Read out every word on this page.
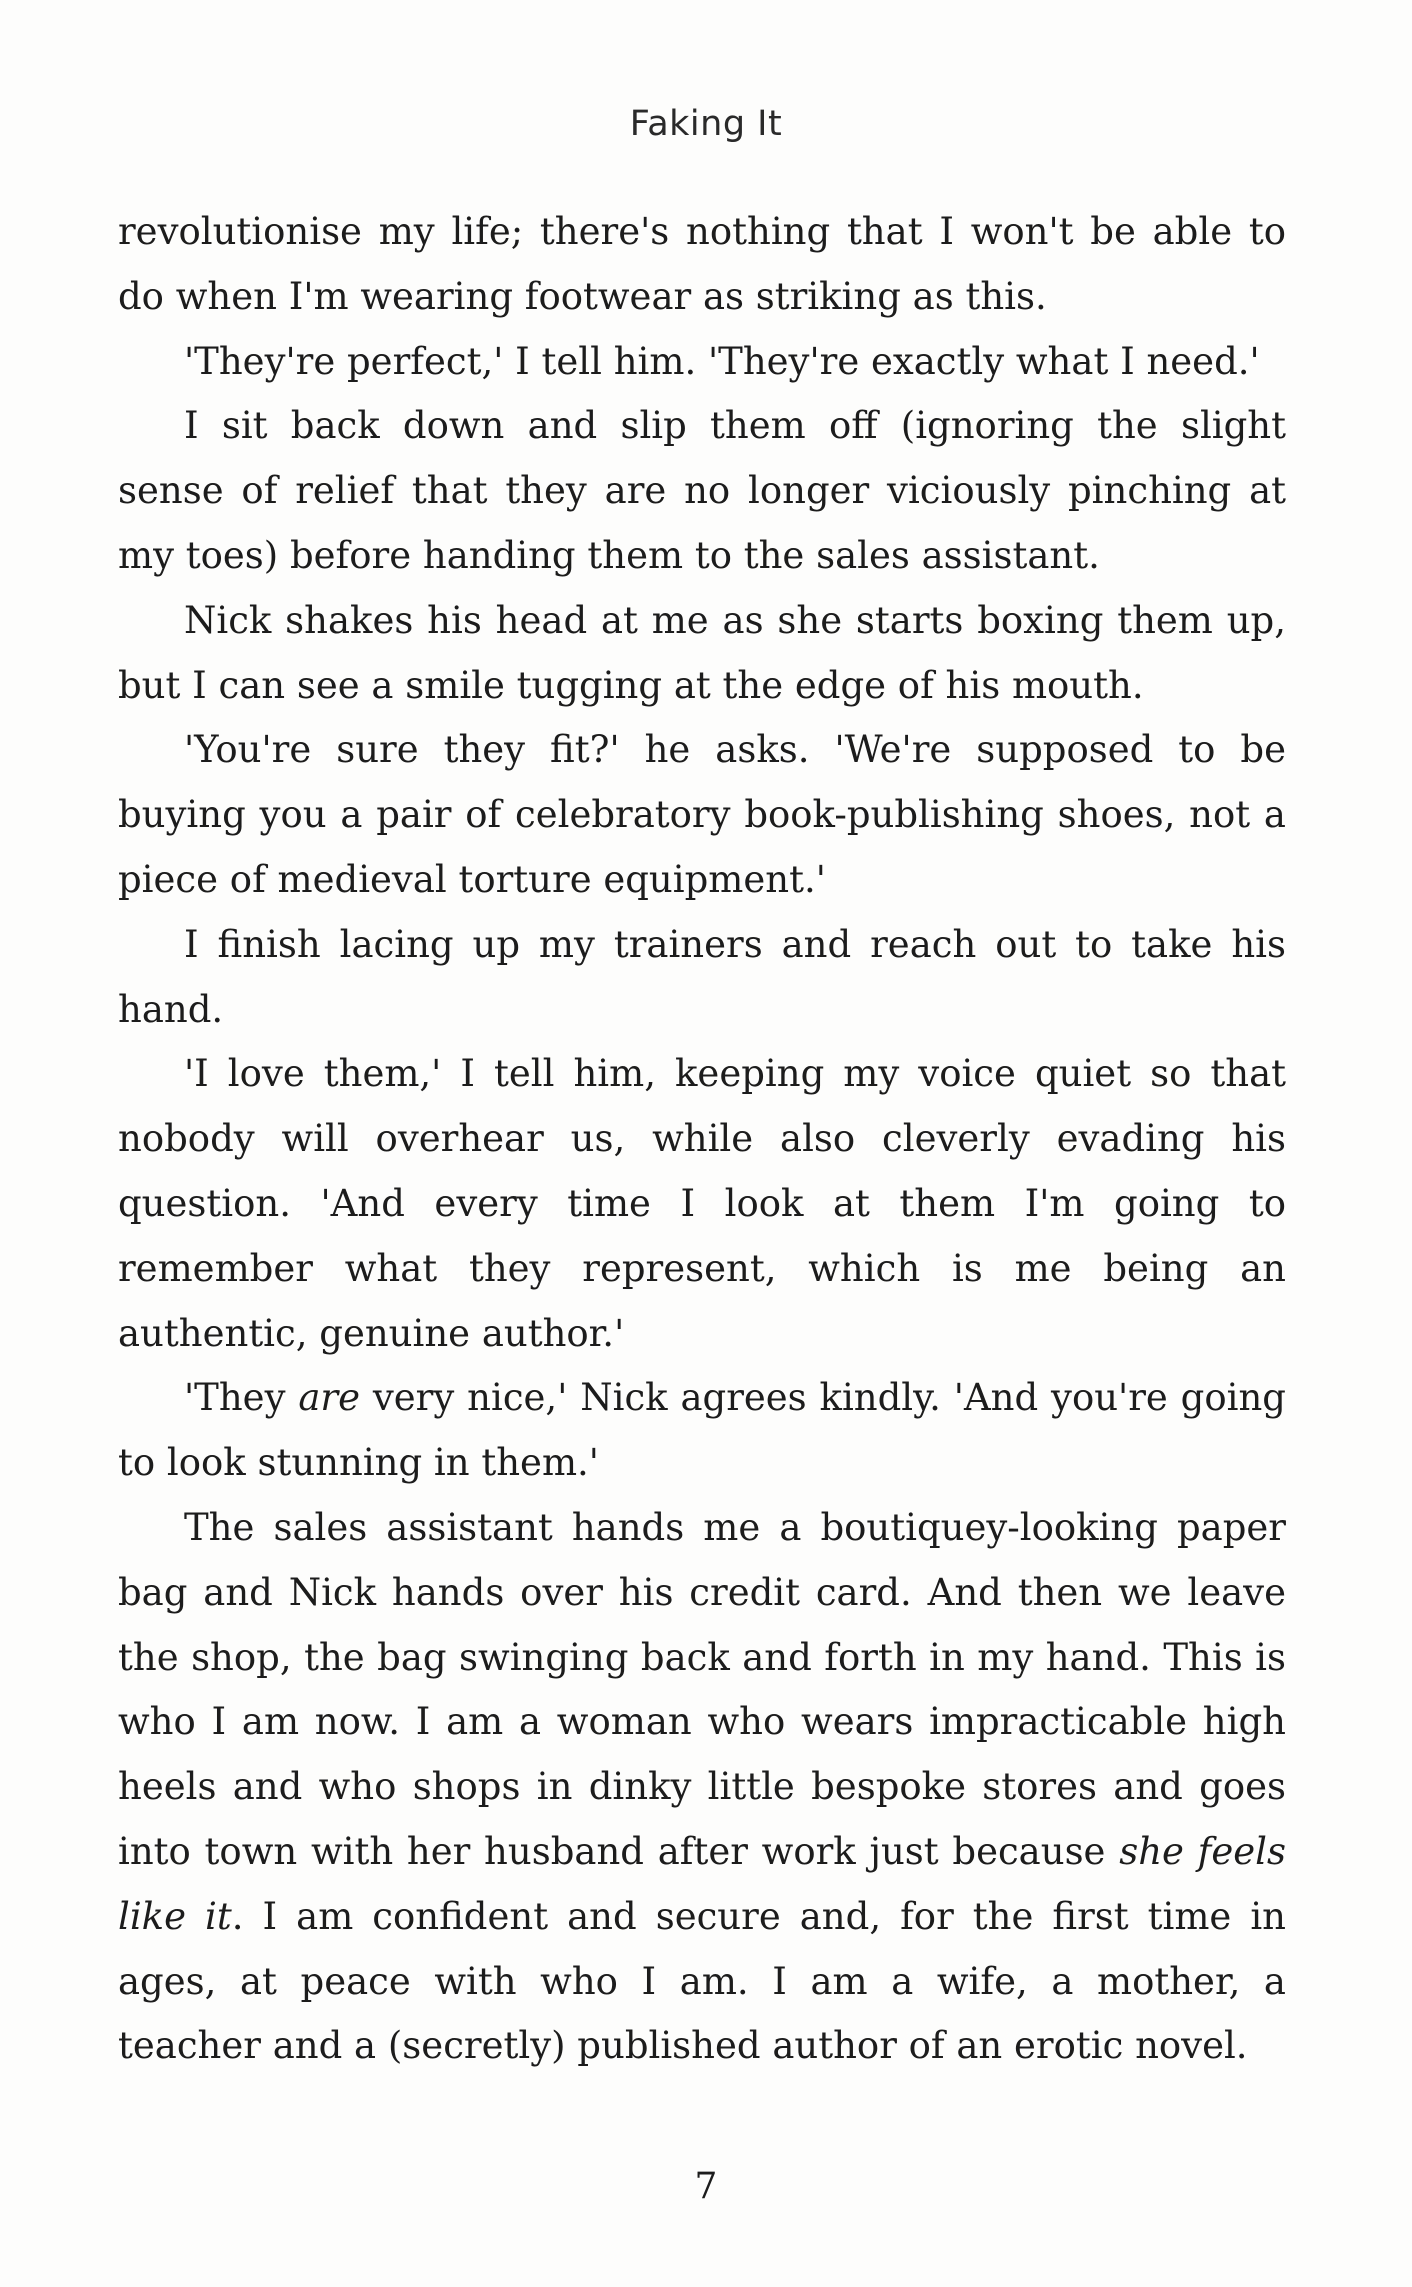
Faking It

revolutionise my life; there's nothing that I won't be able to do when I'm wearing footwear as striking as this.

'They're perfect,' I tell him. 'They're exactly what I need.'

I sit back down and slip them off (ignoring the slight sense of relief that they are no longer viciously pinching at my toes) before handing them to the sales assistant.

Nick shakes his head at me as she starts boxing them up, but I can see a smile tugging at the edge of his mouth.

'You're sure they fit?' he asks. 'We're supposed to be buying you a pair of celebratory book-publishing shoes, not a piece of medieval torture equipment.'

I finish lacing up my trainers and reach out to take his hand.

'I love them,' I tell him, keeping my voice quiet so that nobody will overhear us, while also cleverly evading his question. 'And every time I look at them I'm going to remember what they represent, which is me being an authentic, genuine author.'

'They are very nice,' Nick agrees kindly. 'And you're going to look stunning in them.'

The sales assistant hands me a boutiquey-looking paper bag and Nick hands over his credit card. And then we leave the shop, the bag swinging back and forth in my hand. This is who I am now. I am a woman who wears impracticable high heels and who shops in dinky little bespoke stores and goes into town with her husband after work just because she feels like it. I am confident and secure and, for the first time in ages, at peace with who I am. I am a wife, a mother, a teacher and a (secretly) published author of an erotic novel.

7
